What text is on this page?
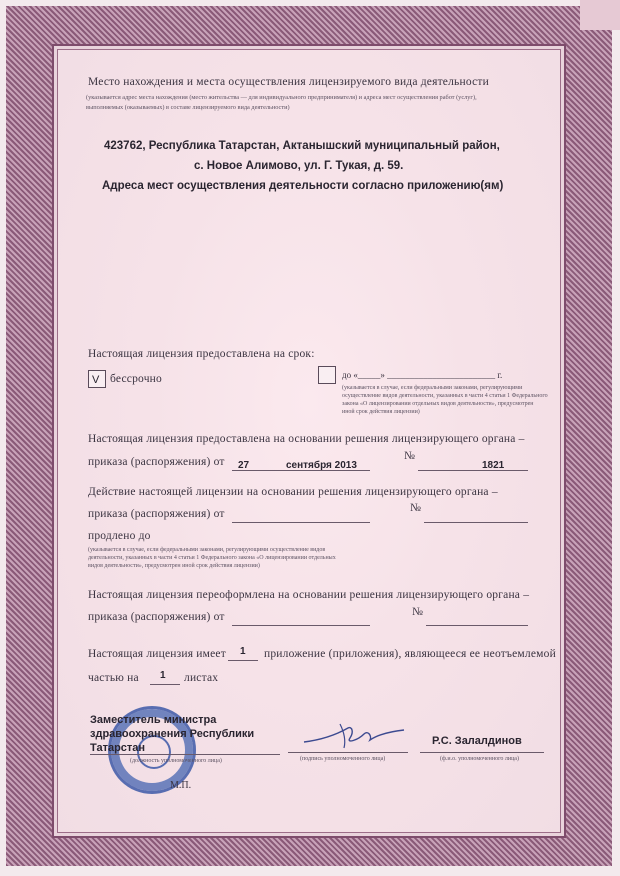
Место нахождения и места осуществления лицензируемого вида деятельности
(указывается адрес места нахождения (место жительства — для индивидуального предпринимателя) и адреса мест осуществления работ (услуг),
выполняемых (оказываемых) в составе лицензируемого вида деятельности)
423762, Республика Татарстан, Актанышский муниципальный район,
с. Новое Алимово, ул. Г. Тукая, д. 59.
Адреса мест осуществления деятельности согласно приложению(ям)
Настоящая лицензия предоставлена на срок:
V бессрочно	до «_____» ________________________ г.
(указывается в случае, если федеральными законами, регулирующими
осуществление видов деятельности, указанных в части 4 статьи 1 Федерального
закона «О лицензировании отдельных видов деятельности», предусмотрен
иной срок действия лицензии)
Настоящая лицензия предоставлена на основании решения лицензирующего органа –
приказа (распоряжения) от 27	сентября 2013
№
1821
Действие настоящей лицензии на основании решения лицензирующего органа –
приказа (распоряжения) от	№
продлено до
(указывается в случае, если федеральными законами, регулирующими осуществление видов
деятельности, указанных в части 4 статьи 1 Федерального закона «О лицензировании отдельных
видов деятельности», предусмотрен иной срок действия лицензии)
Настоящая лицензия переоформлена на основании решения лицензирующего органа –
приказа (распоряжения) от	№
Настоящая лицензия имеет 1 приложение (приложения), являющееся ее неотъемлемой
частью на 1 листах
Заместитель министра
здравоохранения Республики
Татарстан
(должность уполномоченного лица)	(подпись уполномоченного лица)
Р.С. Залалдинов
(ф.и.о. уполномоченного лица)
М.П.
